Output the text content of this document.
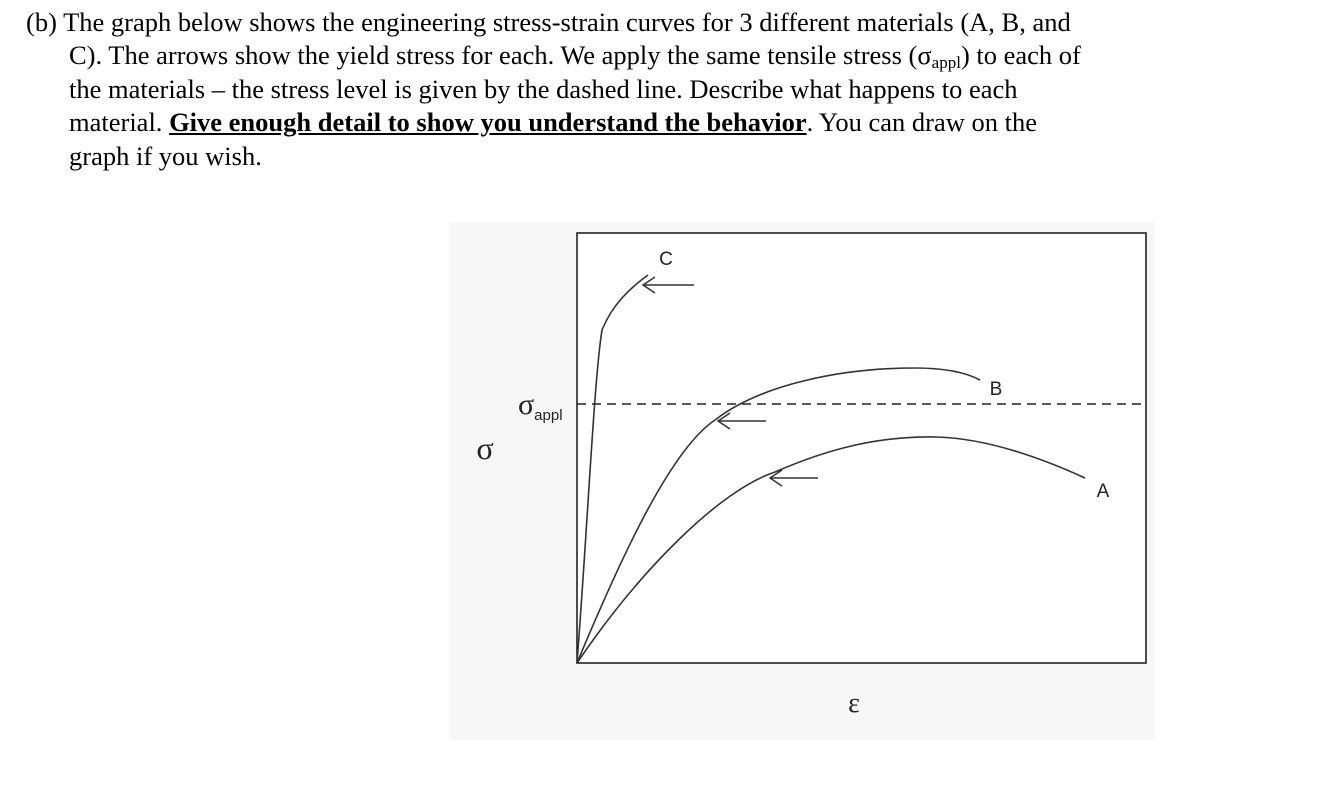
(b) The graph below shows the engineering stress-strain curves for 3 different materials (A, B, and
C). The arrows show the yield stress for each. We apply the same tensile stress $(\sigma_{appl})$ to each of
the materials – the stress level is given by the dashed line. Describe what happens to each
material. Give enough detail to show you understand the behavior. You can draw on the
graph if you wish.
C
B
A
$\sigma_{appl}$
σ
ε
